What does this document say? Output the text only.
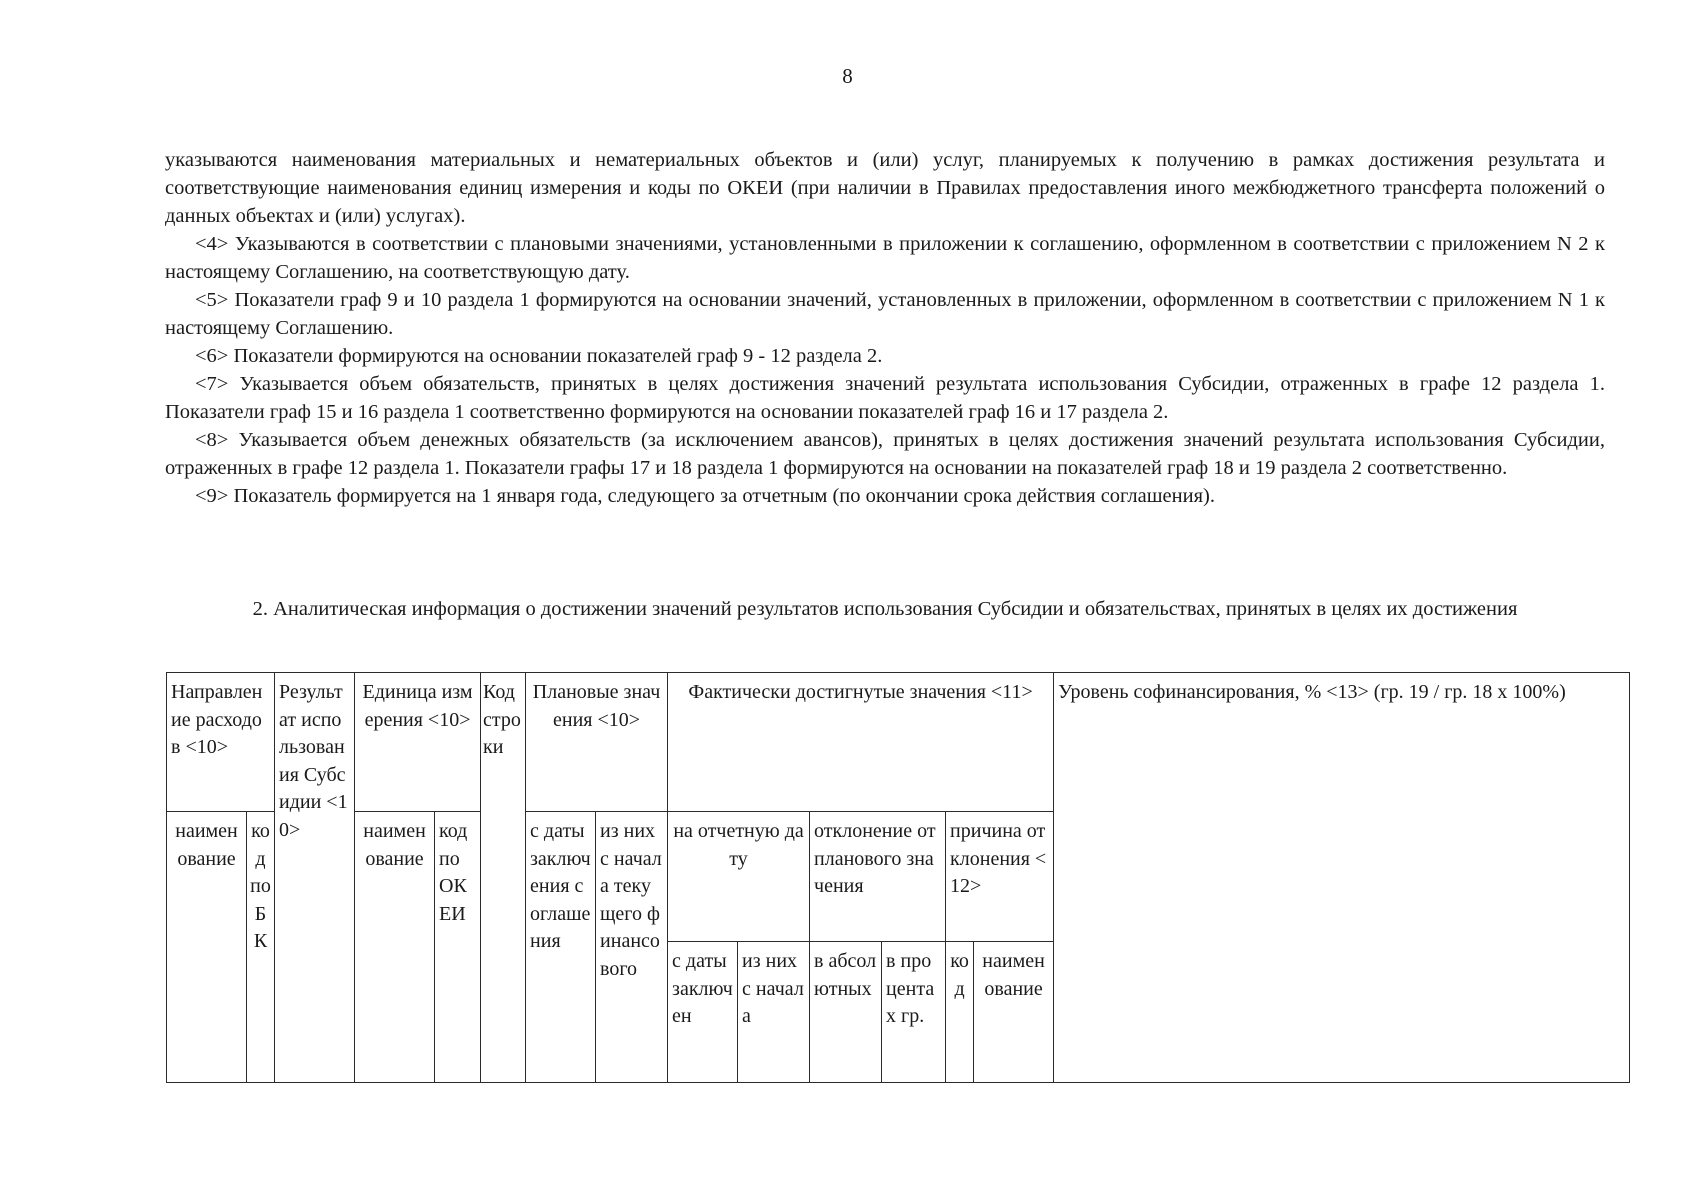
8

указываются наименования материальных и нематериальных объектов и (или) услуг, планируемых к получению в рамках достижения результата и соответствующие наименования единиц измерения и коды по ОКЕИ (при наличии в Правилах предоставления иного межбюджетного трансферта положений о данных объектах и (или) услугах).

<4> Указываются в соответствии с плановыми значениями, установленными в приложении к соглашению, оформленном в соответствии с приложением N 2 к настоящему Соглашению, на соответствующую дату.

<5> Показатели граф 9 и 10 раздела 1 формируются на основании значений, установленных в приложении, оформленном в соответствии с приложением N 1 к настоящему Соглашению.

<6> Показатели формируются на основании показателей граф 9 - 12 раздела 2.

<7> Указывается объем обязательств, принятых в целях достижения значений результата использования Субсидии, отраженных в графе 12 раздела 1. Показатели граф 15 и 16 раздела 1 соответственно формируются на основании показателей граф 16 и 17 раздела 2.

<8> Указывается объем денежных обязательств (за исключением авансов), принятых в целях достижения значений результата использования Субсидии, отраженных в графе 12 раздела 1. Показатели графы 17 и 18 раздела 1 формируются на основании на показателей граф 18 и 19 раздела 2 соответственно.

<9> Показатель формируется на 1 января года, следующего за отчетным (по окончании срока действия соглашения).

2. Аналитическая информация о достижении значений результатов использования Субсидии и обязательствах, принятых в целях их достижения
Направление расходов <10>		Результат использования Субсидии <10>	Единица измерения <10>		Код строки	Плановые значения <10>		Фактически достигнутые значения <11>						Уровень софинансирования, % <13> (гр. 19 / гр. 18 x 100%)
наименование	код по БК		наименование	код по ОКЕИ		с даты заключения соглашения	из них с начала текущего финансового	на отчетную дату		отклонение от планового значения		причина отклонения <12>		
								с даты заключен	из них с начала	в абсолютных	в процентах гр.	код	наименование	
